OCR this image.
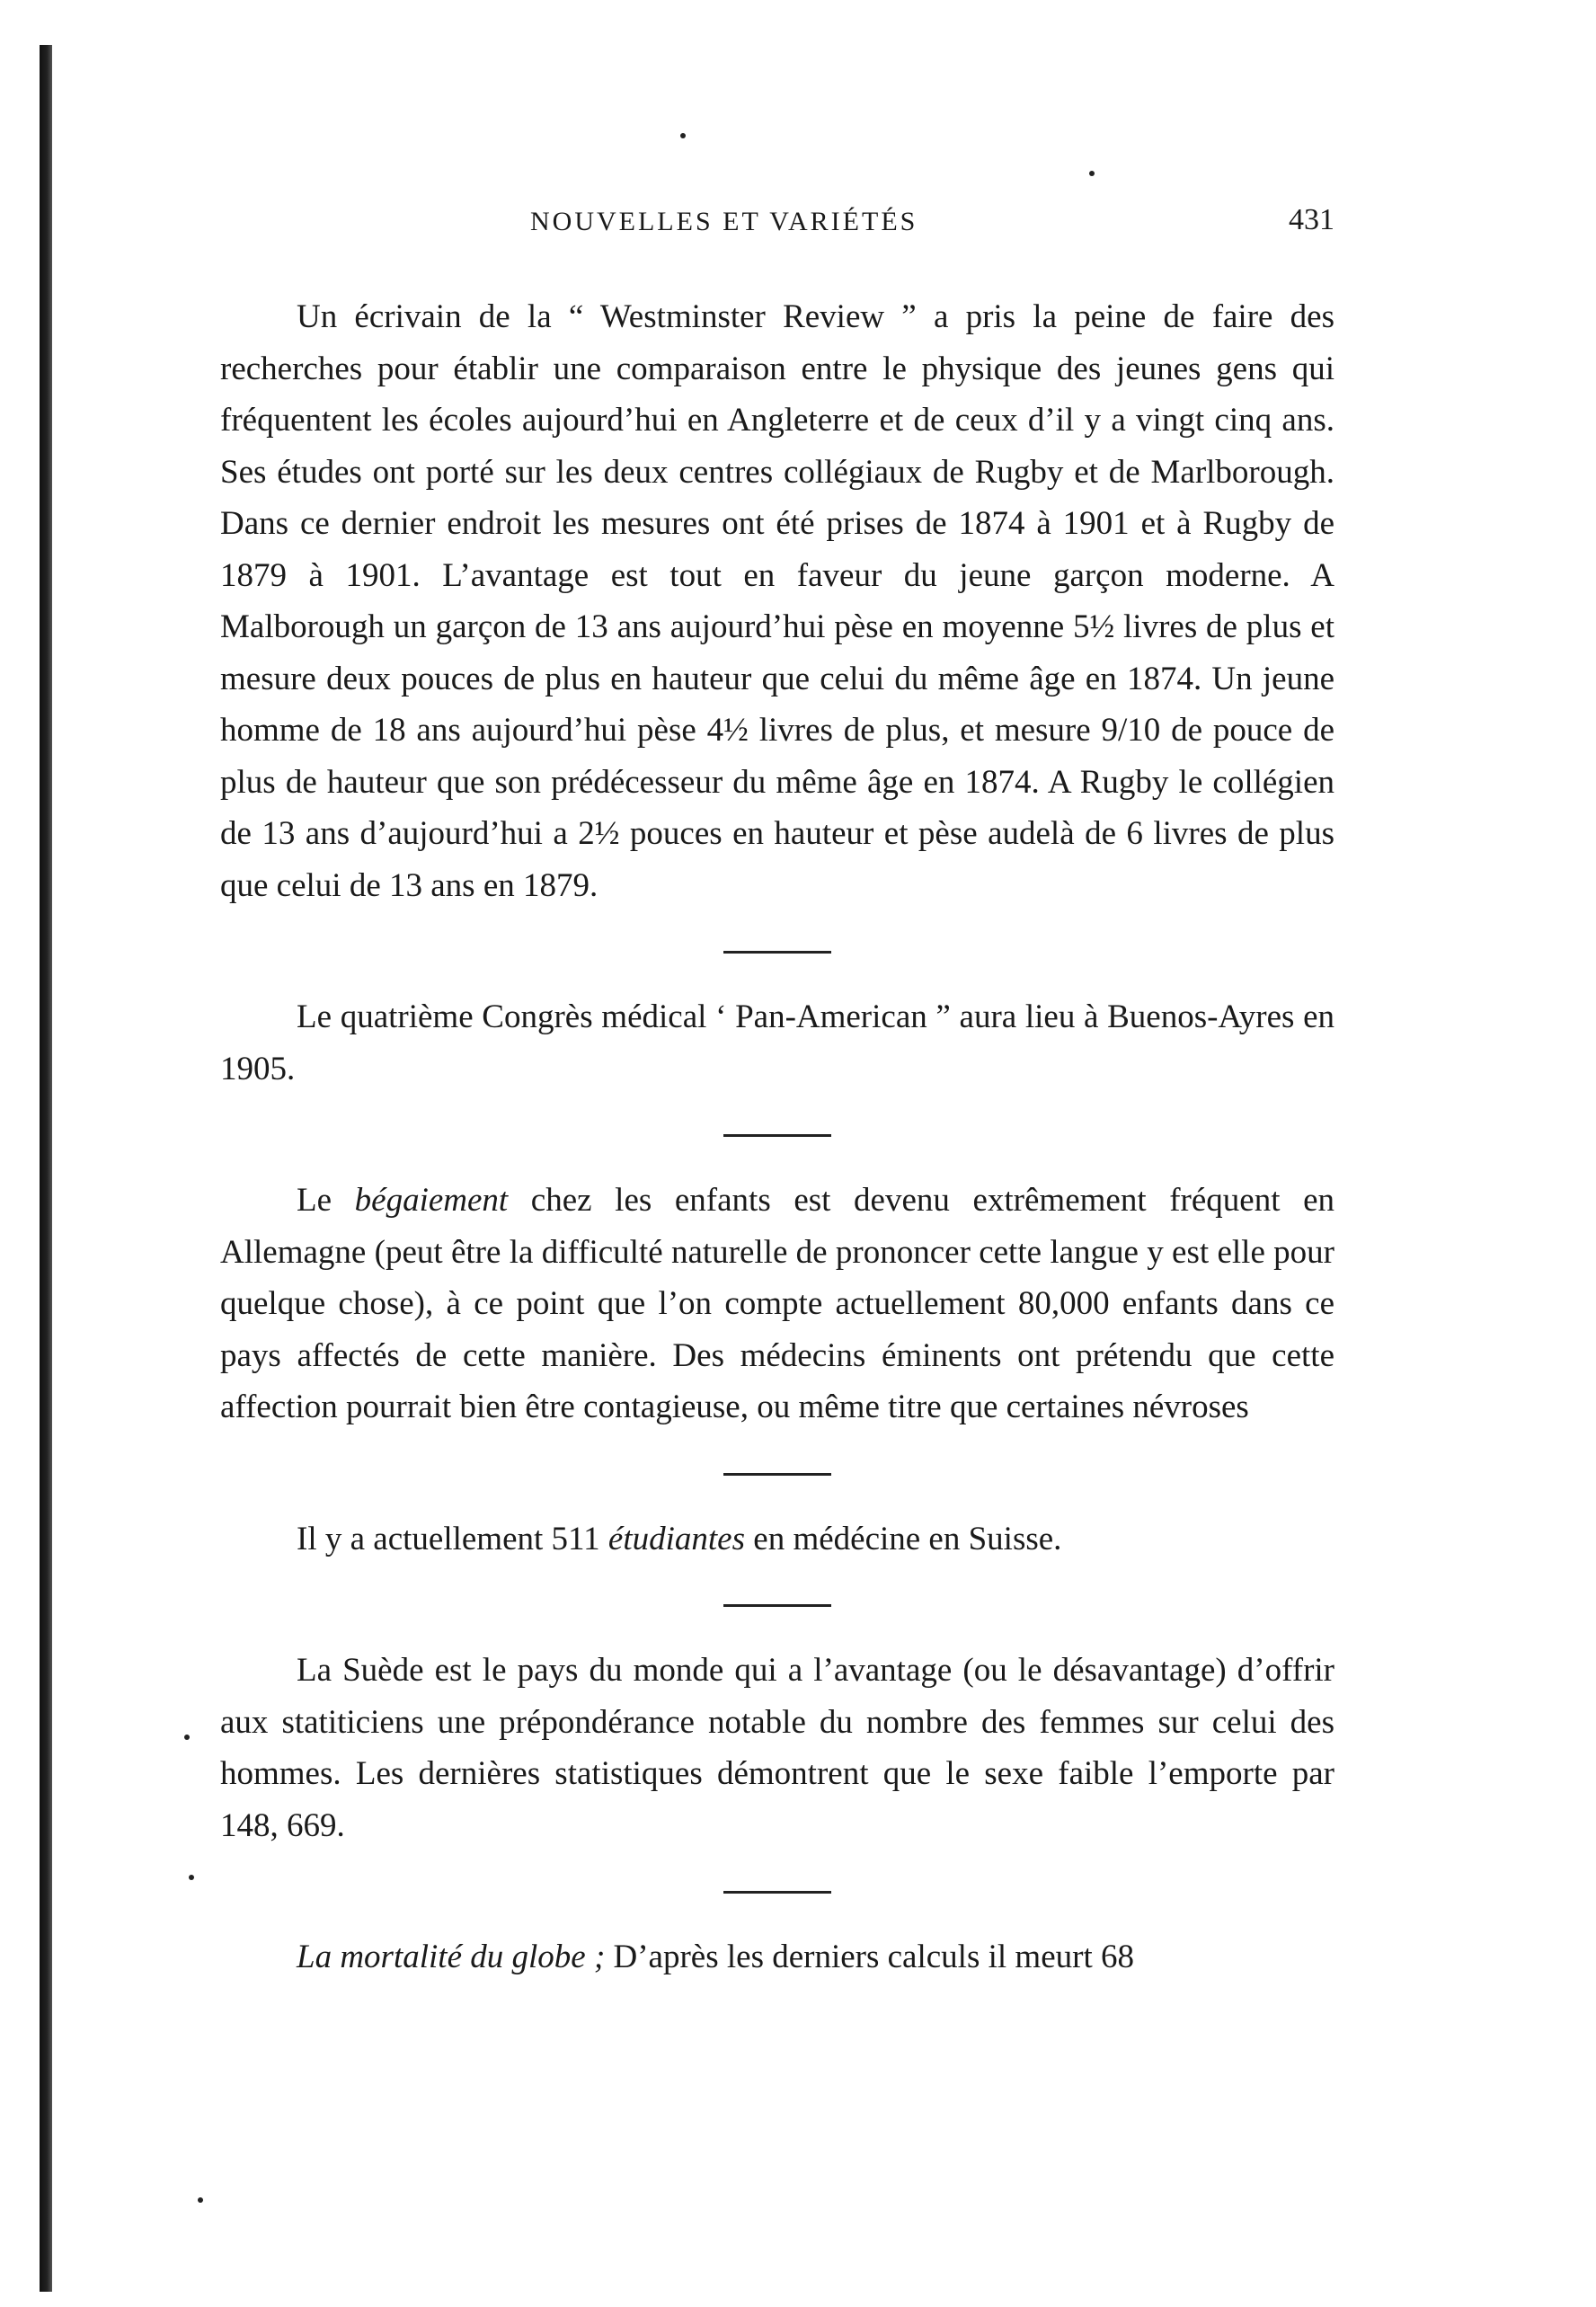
NOUVELLES ET VARIÉTÉS	431

Un écrivain de la “ Westminster Review ” a pris la peine de faire des recherches pour établir une comparaison entre le physique des jeunes gens qui fréquentent les écoles aujourd’hui en Angleterre et de ceux d’il y a vingt cinq ans. Ses études ont porté sur les deux centres collégiaux de Rugby et de Marlborough. Dans ce dernier endroit les mesures ont été prises de 1874 à 1901 et à Rugby de 1879 à 1901. L’avantage est tout en faveur du jeune garçon moderne. A Malborough un garçon de 13 ans aujourd’hui pèse en moyenne 5½ livres de plus et mesure deux pouces de plus en hauteur que celui du même âge en 1874. Un jeune homme de 18 ans aujourd’hui pèse 4½ livres de plus, et mesure 9/10 de pouce de plus de hauteur que son prédécesseur du même âge en 1874. A Rugby le collégien de 13 ans d’aujourd’hui a 2½ pouces en hauteur et pèse audelà de 6 livres de plus que celui de 13 ans en 1879.

Le quatrième Congrès médical ‘ Pan-American ” aura lieu à Buenos-Ayres en 1905.

Le bégaiement chez les enfants est devenu extrêmement fréquent en Allemagne (peut être la difficulté naturelle de prononcer cette langue y est elle pour quelque chose), à ce point que l’on compte actuellement 80,000 enfants dans ce pays affectés de cette manière. Des médecins éminents ont prétendu que cette affection pourrait bien être contagieuse, ou même titre que certaines névroses

Il y a actuellement 511 étudiantes en médécine en Suisse.

La Suède est le pays du monde qui a l’avantage (ou le désavantage) d’offrir aux statiticiens une prépondérance notable du nombre des femmes sur celui des hommes. Les dernières statistiques démontrent que le sexe faible l’emporte par 148, 669.

La mortalité du globe ; D’après les derniers calculs il meurt 68
